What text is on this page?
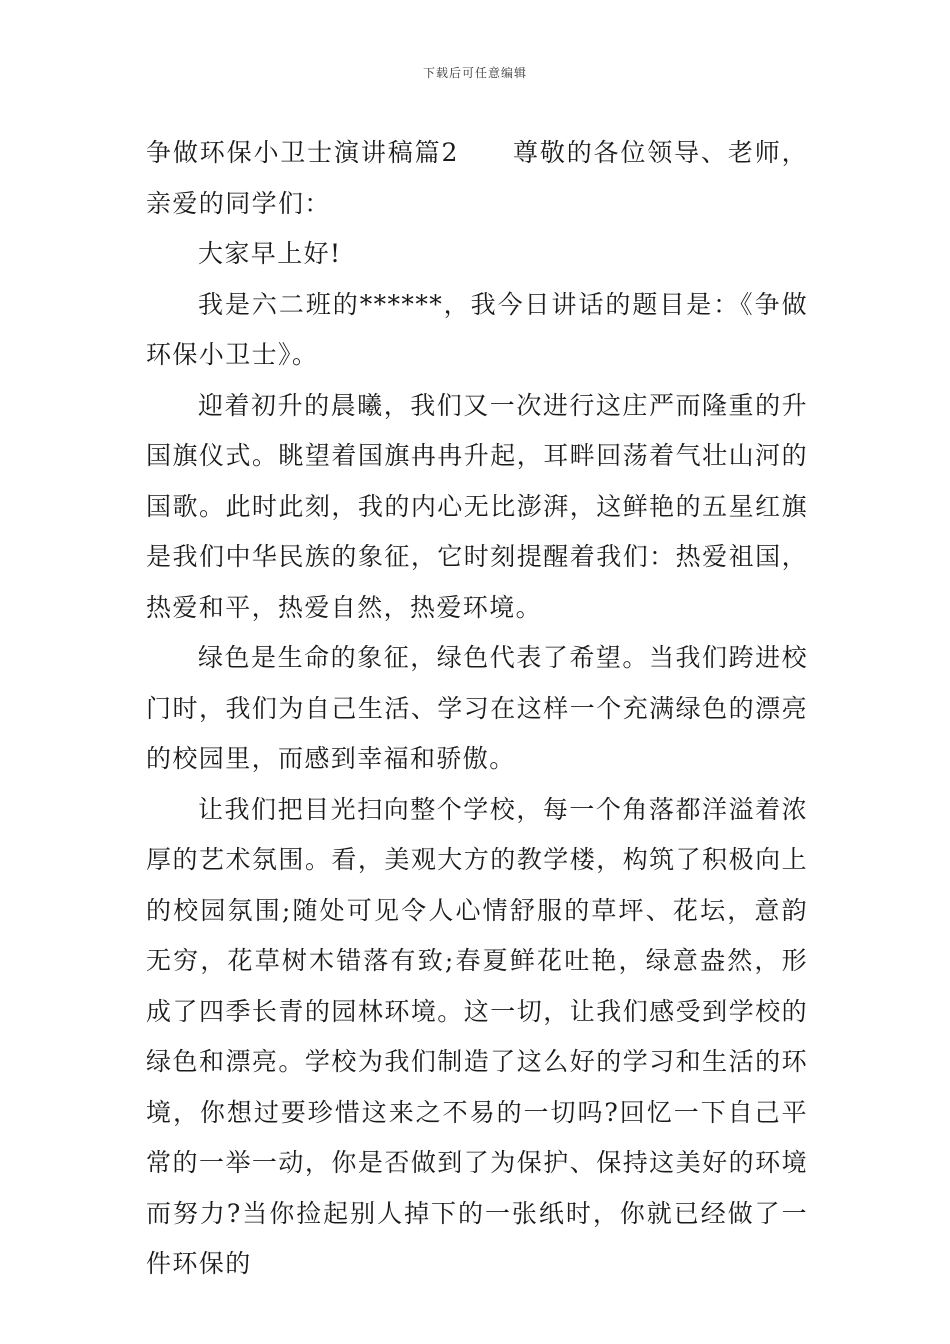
下载后可任意编辑

争做环保小卫士演讲稿篇2　　尊敬的各位领导、老师，亲爱的同学们：

大家早上好!

我是六二班的******，我今日讲话的题目是：《争做环保小卫士》。

迎着初升的晨曦，我们又一次进行这庄严而隆重的升国旗仪式。眺望着国旗冉冉升起，耳畔回荡着气壮山河的国歌。此时此刻，我的内心无比澎湃，这鲜艳的五星红旗是我们中华民族的象征，它时刻提醒着我们：热爱祖国，热爱和平，热爱自然，热爱环境。

绿色是生命的象征，绿色代表了希望。当我们跨进校门时，我们为自己生活、学习在这样一个充满绿色的漂亮的校园里，而感到幸福和骄傲。

让我们把目光扫向整个学校，每一个角落都洋溢着浓厚的艺术氛围。看，美观大方的教学楼，构筑了积极向上的校园氛围;随处可见令人心情舒服的草坪、花坛，意韵无穷，花草树木错落有致;春夏鲜花吐艳，绿意盎然，形成了四季长青的园林环境。这一切，让我们感受到学校的绿色和漂亮。学校为我们制造了这么好的学习和生活的环境，你想过要珍惜这来之不易的一切吗?回忆一下自己平常的一举一动，你是否做到了为保护、保持这美好的环境而努力?当你捡起别人掉下的一张纸时，你就已经做了一件环保的
